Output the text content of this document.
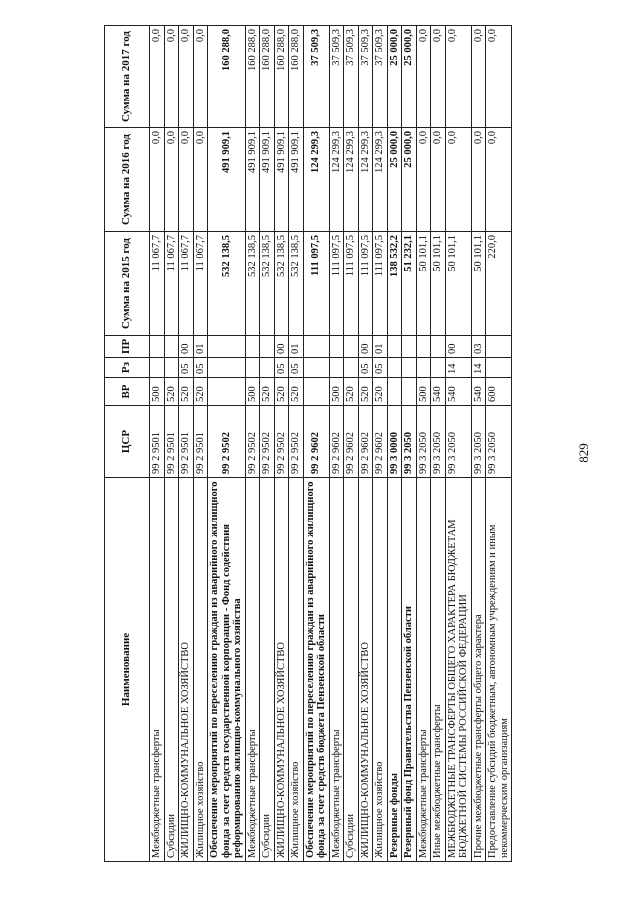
829
Наименование	ЦСР	ВР	Рз	ПР	Сумма на 2015 год	Сумма на 2016 год	Сумма на 2017 год
Межбюджетные трансферты	99 2 9501	500			11 067,7	0,0	0,0
Субсидии	99 2 9501	520			11 067,7	0,0	0,0
ЖИЛИЩНО-КОММУНАЛЬНОЕ ХОЗЯЙСТВО	99 2 9501	520	05	00	11 067,7	0,0	0,0
Жилищное хозяйство	99 2 9501	520	05	01	11 067,7	0,0	0,0
Обеспечение мероприятий по переселению граждан из аварийного жилищного фонда за счет средств государственной корпорации - Фонд содействия реформированию жилищно-коммунального хозяйства	99 2 9502				532 138,5	491 909,1	160 288,0
Межбюджетные трансферты	99 2 9502	500			532 138,5	491 909,1	160 288,0
Субсидии	99 2 9502	520			532 138,5	491 909,1	160 288,0
ЖИЛИЩНО-КОММУНАЛЬНОЕ ХОЗЯЙСТВО	99 2 9502	520	05	00	532 138,5	491 909,1	160 288,0
Жилищное хозяйство	99 2 9502	520	05	01	532 138,5	491 909,1	160 288,0
Обеспечение мероприятий по переселению граждан из аварийного жилищного фонда за счет средств бюджета Пензенской области	99 2 9602				111 097,5	124 299,3	37 509,3
Межбюджетные трансферты	99 2 9602	500			111 097,5	124 299,3	37 509,3
Субсидии	99 2 9602	520			111 097,5	124 299,3	37 509,3
ЖИЛИЩНО-КОММУНАЛЬНОЕ ХОЗЯЙСТВО	99 2 9602	520	05	00	111 097,5	124 299,3	37 509,3
Жилищное хозяйство	99 2 9602	520	05	01	111 097,5	124 299,3	37 509,3
Резервные фонды	99 3 0000				138 532,2	25 000,0	25 000,0
Резервный фонд Правительства Пензенской области	99 3 2050				51 232,1	25 000,0	25 000,0
Межбюджетные трансферты	99 3 2050	500			50 101,1	0,0	0,0
Иные межбюджетные трансферты	99 3 2050	540			50 101,1	0,0	0,0
МЕЖБЮДЖЕТНЫЕ ТРАНСФЕРТЫ ОБЩЕГО ХАРАКТЕРА БЮДЖЕТАМ БЮДЖЕТНОЙ СИСТЕМЫ РОССИЙСКОЙ ФЕДЕРАЦИИ	99 3 2050	540	14	00	50 101,1	0,0	0,0
Прочие межбюджетные трансферты общего характера	99 3 2050	540	14	03	50 101,1	0,0	0,0
Предоставление субсидий бюджетным, автономным учреждениям и иным некоммерческим организациям	99 3 2050	600			220,0	0,0	0,0
